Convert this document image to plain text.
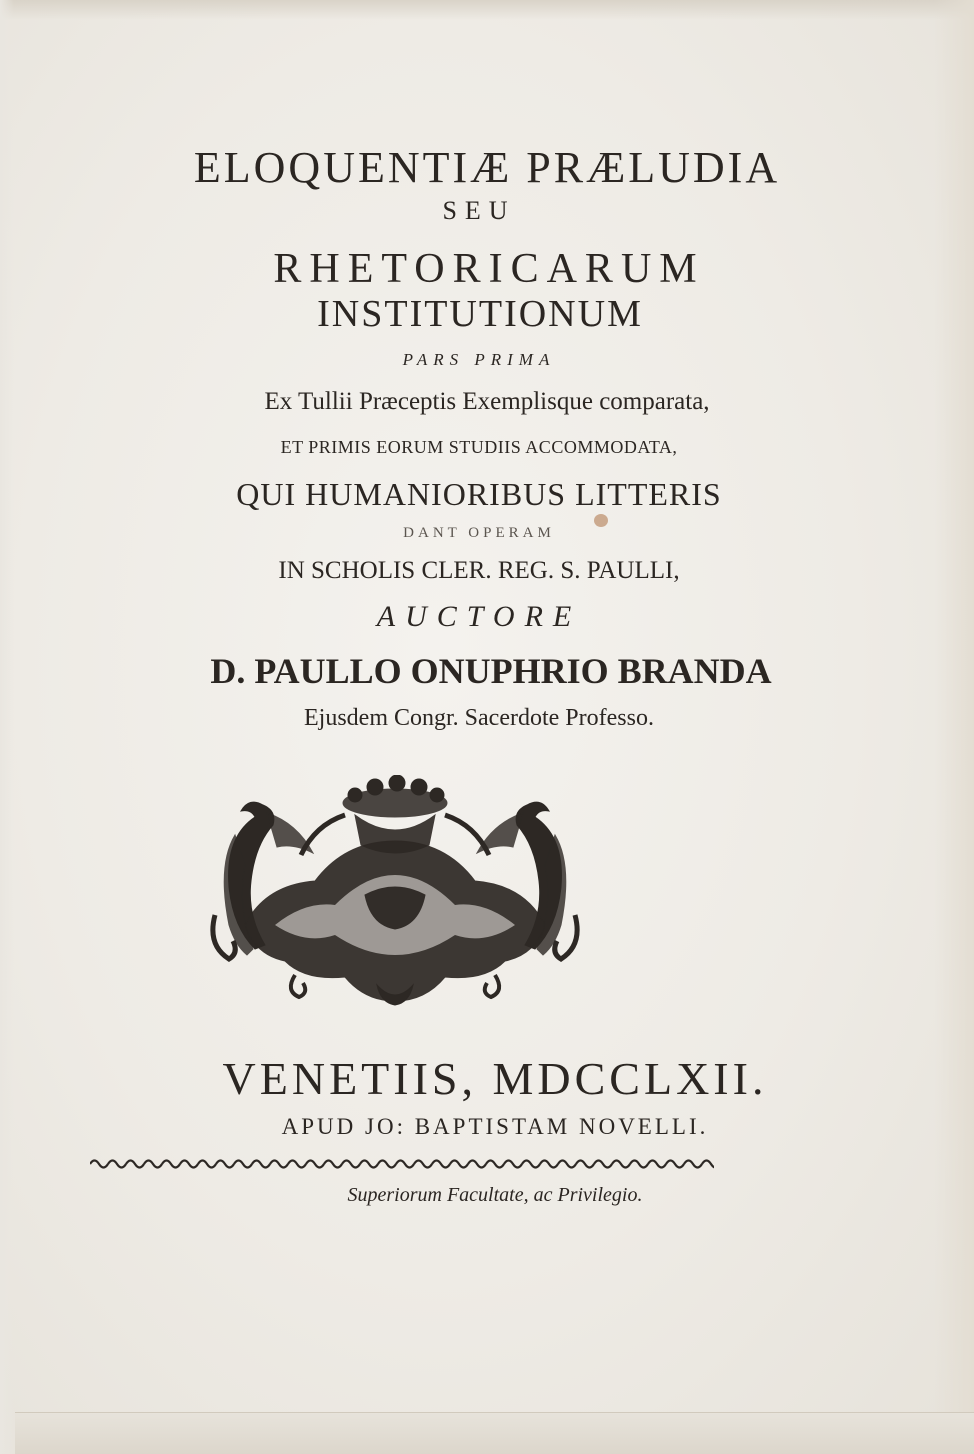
ELOQUENTIÆ PRÆLUDIA
SEU
RHETORICARUM
INSTITUTIONUM
PARS PRIMA
Ex Tullii Præceptis Exemplisque comparata,
ET PRIMIS EORUM STUDIIS ACCOMMODATA,
QUI HUMANIORIBUS LITTERIS
DANT OPERAM
IN SCHOLIS CLER. REG. S. PAULLI,
AUCTORE
D. PAULLO ONUPHRIO BRANDA
Ejusdem Congr. Sacerdote Professo.
VENETIIS, MDCCLXII.
APUD JO: BAPTISTAM NOVELLI.
Superiorum Facultate, ac Privilegio.
